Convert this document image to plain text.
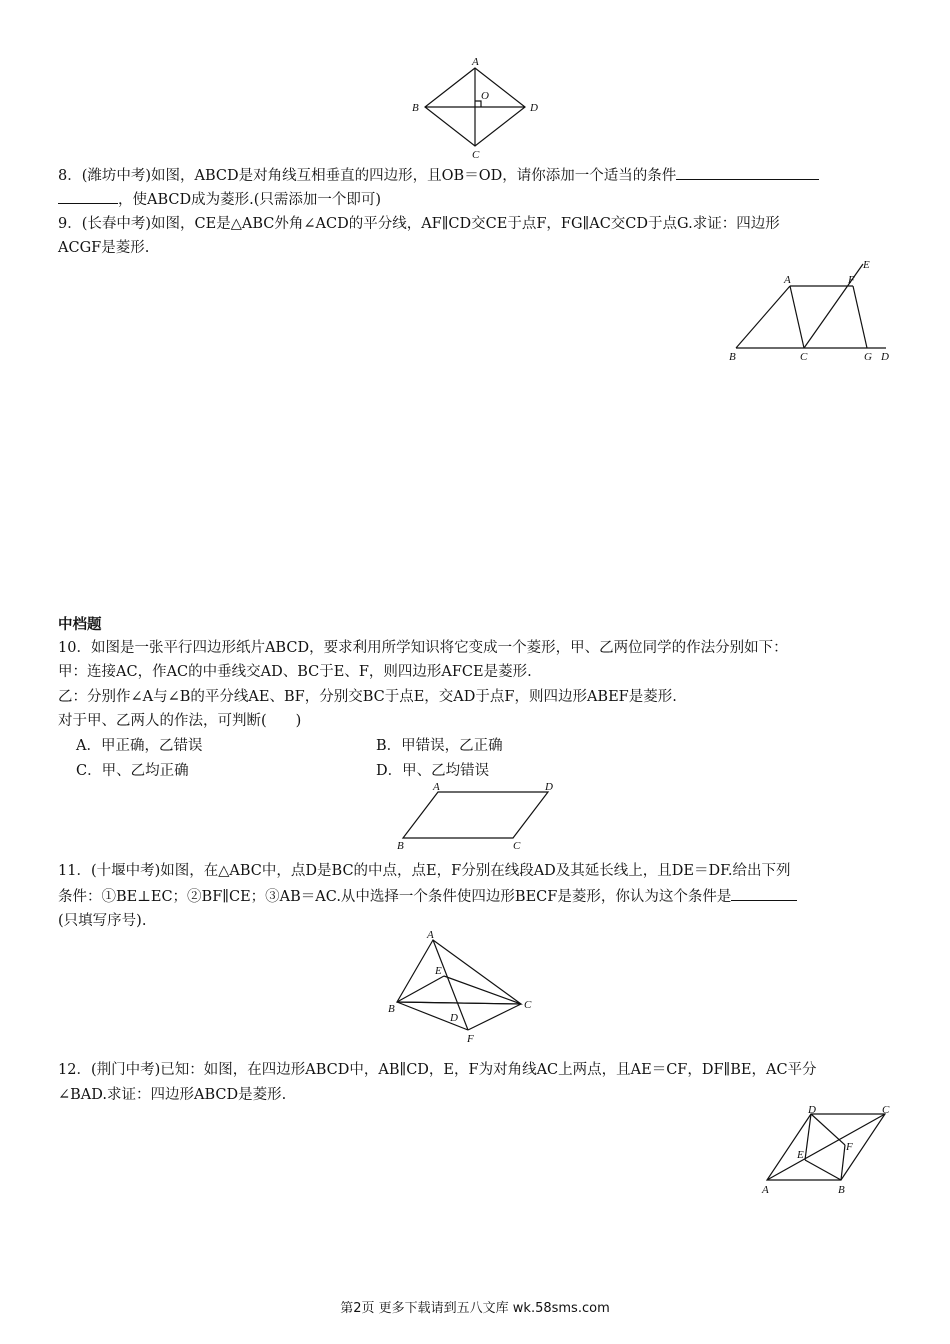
A
B
C
D
O
8．(潍坊中考)如图，ABCD是对角线互相垂直的四边形，且OB＝OD，请你添加一个适当的条件
，使ABCD成为菱形.(只需添加一个即可)
9．(长春中考)如图，CE是△ABC外角∠ACD的平分线，AF∥CD交CE于点F，FG∥AC交CD于点G.求证：四边形
ACGF是菱形.
A	F
E
B	C	G D
中档题
10．如图是一张平行四边形纸片ABCD，要求利用所学知识将它变成一个菱形，甲、乙两位同学的作法分别如下：
甲：连接AC，作AC的中垂线交AD、BC于E、F，则四边形AFCE是菱形.
乙：分别作∠A与∠B的平分线AE、BF，分别交BC于点E，交AD于点F，则四边形ABEF是菱形.
对于甲、乙两人的作法，可判断(　　)
A．甲正确，乙错误	B．甲错误，乙正确
C．甲、乙均正确	D．甲、乙均错误
A	D
B	C
11．(十堰中考)如图，在△ABC中，点D是BC的中点，点E，F分别在线段AD及其延长线上，且DE＝DF.给出下列
条件：①BE⊥EC；②BF∥CE；③AB＝AC.从中选择一个条件使四边形BECF是菱形，你认为这个条件是
(只填写序号).
A
E
B	C
D
F
12．(荆门中考)已知：如图，在四边形ABCD中，AB∥CD，E，F为对角线AC上两点，且AE＝CF，DF∥BE，AC平分
∠BAD.求证：四边形ABCD是菱形.
D	C
F
E
A	B
第2页 更多下载请到五八文库 wk.58sms.com
